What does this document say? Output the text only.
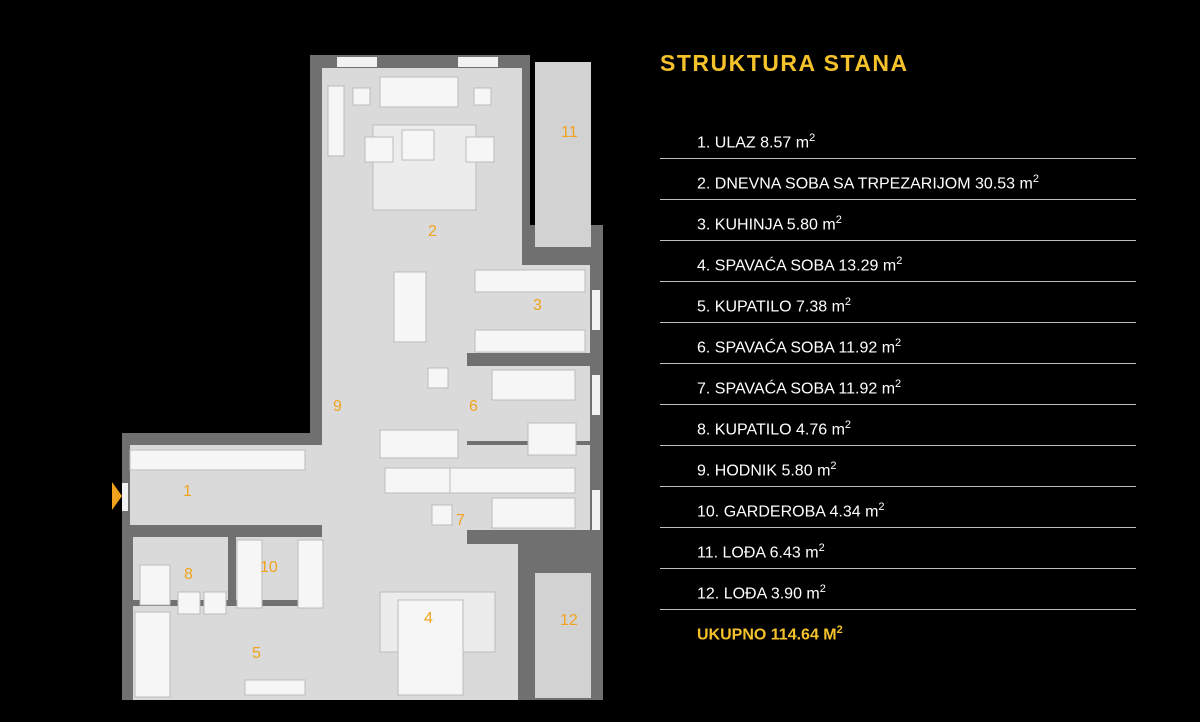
1
2
3
4
5
6
7
8
9
10
11
12
STRUKTURA STANA
1. ULAZ 8.57 $m^2$
2. DNEVNA SOBA SA TRPEZARIJOM 30.53 $m^2$
3. KUHINJA 5.80 $m^2$
4. SPAVAĆA SOBA 13.29 $m^2$
5. KUPATILO 7.38 $m^2$
6. SPAVAĆA SOBA 11.92 $m^2$
7. SPAVAĆA SOBA 11.92 $m^2$
8. KUPATILO 4.76 $m^2$
9. HODNIK 5.80 $m^2$
10. GARDEROBA 4.34 $m^2$
11. LOĐA 6.43 $m^2$
12. LOĐA 3.90 $m^2$
UKUPNO 114.64 $M^2$
